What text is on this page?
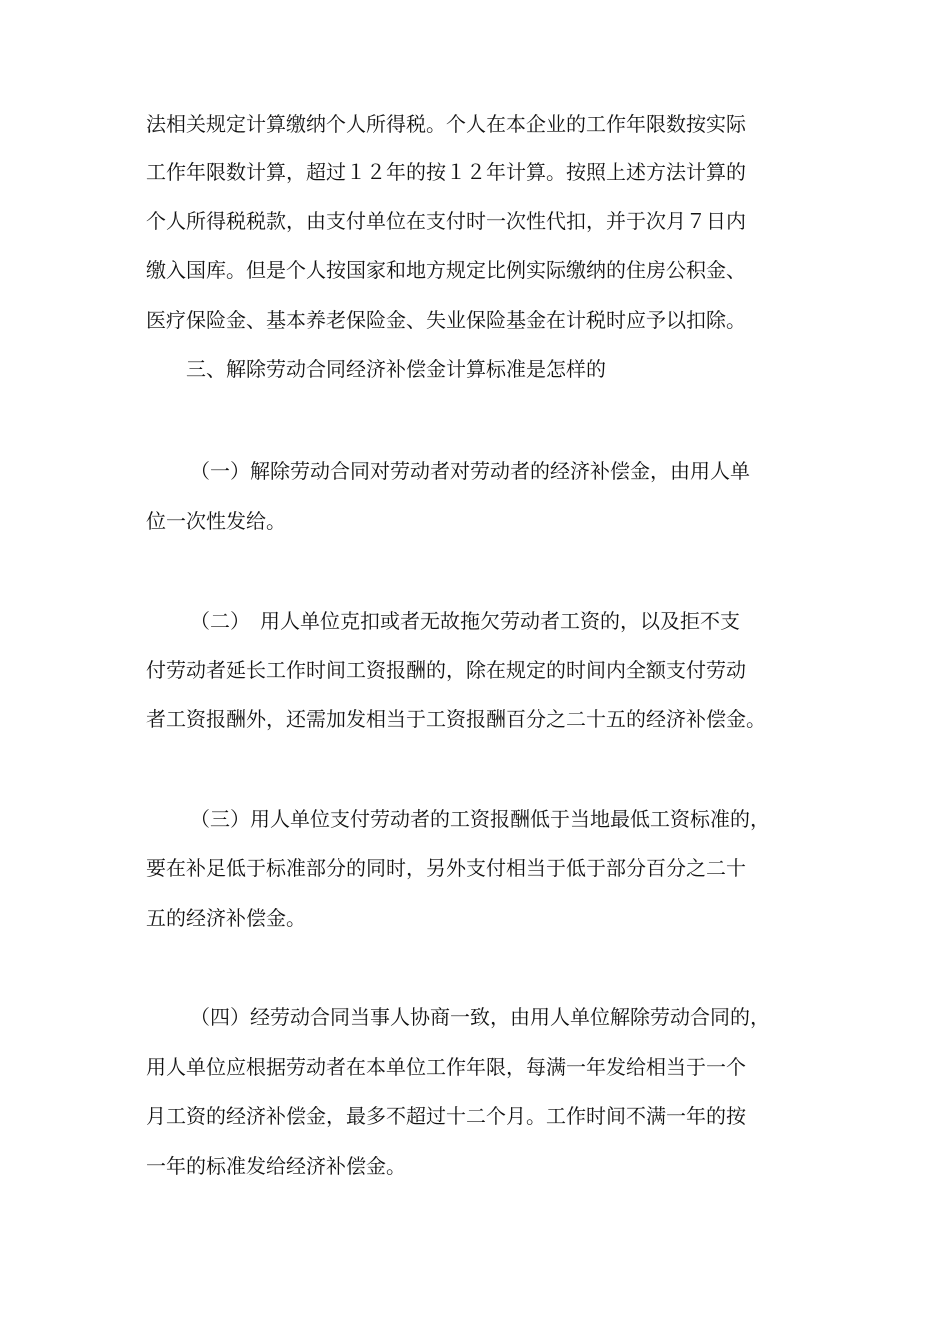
法相关规定计算缴纳个人所得税。个人在本企业的工作年限数按实际
工作年限数计算，超过１２年的按１２年计算。按照上述方法计算的
个人所得税税款，由支付单位在支付时一次性代扣，并于次月７日内
缴入国库。但是个人按国家和地方规定比例实际缴纳的住房公积金、
医疗保险金、基本养老保险金、失业保险基金在计税时应予以扣除。
三、解除劳动合同经济补偿金计算标准是怎样的
（一）解除劳动合同对劳动者对劳动者的经济补偿金，由用人单
位一次性发给。
（二）　用人单位克扣或者无故拖欠劳动者工资的，以及拒不支
付劳动者延长工作时间工资报酬的，除在规定的时间内全额支付劳动
者工资报酬外，还需加发相当于工资报酬百分之二十五的经济补偿金。
（三）用人单位支付劳动者的工资报酬低于当地最低工资标准的，
要在补足低于标准部分的同时，另外支付相当于低于部分百分之二十
五的经济补偿金。
（四）经劳动合同当事人协商一致，由用人单位解除劳动合同的，
用人单位应根据劳动者在本单位工作年限，每满一年发给相当于一个
月工资的经济补偿金，最多不超过十二个月。工作时间不满一年的按
一年的标准发给经济补偿金。
